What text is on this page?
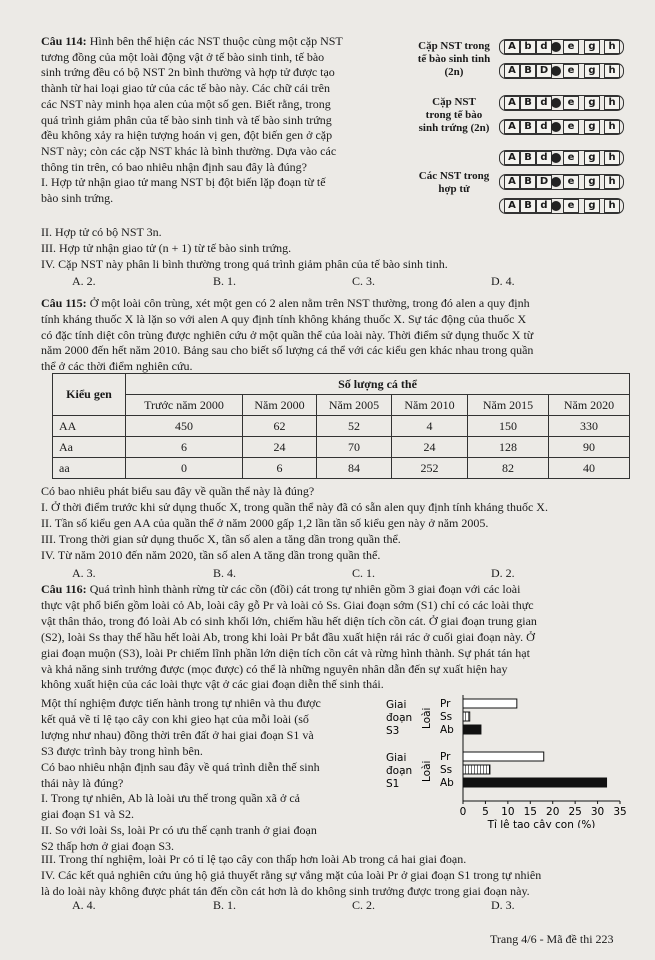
Cặp NST trong
tế bào sinh tinh
(2n)
Cặp NST
trong tế bào
sinh trứng (2n)
Các NST trong
hợp tử
A b d	e	g	h
A B D	e	g	h
A B d	e	g	h
A B d	e	g	h
A B d	e	g	h
A B D	e	g	h
A B d	e	g	h
II. Hợp tử có bộ NST 3n.
III. Hợp tử nhận giao tử (n + 1) từ tế bào sinh trứng.
IV. Cặp NST này phân li bình thường trong quá trình giảm phân của tế bào sinh tinh.
A. 2.	B. 1.	C. 3.	D. 4.
Kiểu gen	Số lượng cá thể					
	Trước năm 2000	Năm 2000	Năm 2005	Năm 2010	Năm 2015	Năm 2020
AA	450	62	52	4	150	330
Aa	6	24	70	24	128	90
aa	0	6	84	252	82	40
Có bao nhiêu phát biểu sau đây về quần thể này là đúng?
I. Ở thời điểm trước khi sử dụng thuốc X, trong quần thể này đã có sẵn alen quy định tính kháng thuốc X.
II. Tần số kiểu gen AA của quần thể ở năm 2000 gấp 1,2 lần tần số kiểu gen này ở năm 2005.
III. Trong thời gian sử dụng thuốc X, tần số alen a tăng dần trong quần thể.
IV. Từ năm 2010 đến năm 2020, tần số alen A tăng dần trong quần thể.
A. 3.	B. 4.	C. 1.	D. 2.
Một thí nghiệm được tiến hành trong tự nhiên và thu được
kết quả về tỉ lệ tạo cây con khi gieo hạt của mỗi loài (số
lượng như nhau) đồng thời trên đất ở hai giai đoạn S1 và
S3 được trình bày trong hình bên.
Có bao nhiêu nhận định sau đây về quá trình diễn thế sinh
thái này là đúng?
I. Trong tự nhiên, Ab là loài ưu thế trong quần xã ở cả
giai đoạn S1 và S2.
II. So với loài Ss, loài Pr có ưu thế cạnh tranh ở giai đoạn
S2 thấp hơn ở giai đoạn S3.
Giai
đoạn
S3
Loài
Pr
Ss
Ab
Giai
đoạn
S1
Loài
Pr
Ss
Ab
0 5 10 15 20 25 30 35
Tỉ lệ tạo cây con (%)
III. Trong thí nghiệm, loài Pr có tỉ lệ tạo cây con thấp hơn loài Ab trong cả hai giai đoạn.
IV. Các kết quả nghiên cứu ủng hộ giả thuyết rằng sự vắng mặt của loài Pr ở giai đoạn S1 trong tự nhiên
là do loài này không được phát tán đến cồn cát hơn là do không sinh trưởng được trong giai đoạn này.
A. 4.	B. 1.	C. 2.	D. 3.
Trang 4/6 - Mã đề thi 223
Câu 114: Hình bên thể hiện các NST thuộc cùng một cặp NST
tương đồng của một loài động vật ở tế bào sinh tinh, tế bào
sinh trứng đều có bộ NST 2n bình thường và hợp tử được tạo
thành từ hai loại giao tử của các tế bào này. Các chữ cái trên
các NST này minh họa alen của một số gen. Biết rằng, trong
quá trình giảm phân của tế bào sinh tinh và tế bào sinh trứng
đều không xảy ra hiện tượng hoán vị gen, đột biến gen ở cặp
NST này; còn các cặp NST khác là bình thường. Dựa vào các
thông tin trên, có bao nhiêu nhận định sau đây là đúng?
I. Hợp tử nhận giao tử mang NST bị đột biến lặp đoạn từ tế
bào sinh trứng.
Câu 115: Ở một loài côn trùng, xét một gen có 2 alen nằm trên NST thường, trong đó alen a quy định
tính kháng thuốc X là lặn so với alen A quy định tính không kháng thuốc X. Sự tác động của thuốc X
có đặc tính diệt côn trùng được nghiên cứu ở một quần thể của loài này. Thời điểm sử dụng thuốc X từ
năm 2000 đến hết năm 2010. Bảng sau cho biết số lượng cá thể với các kiểu gen khác nhau trong quần
thể ở các thời điểm nghiên cứu.
Câu 116: Quá trình hình thành rừng từ các cồn (đồi) cát trong tự nhiên gồm 3 giai đoạn với các loài
thực vật phổ biến gồm loài cỏ Ab, loài cây gỗ Pr và loài cỏ Ss. Giai đoạn sớm (S1) chỉ có các loài thực
vật thân thảo, trong đó loài Ab có sinh khối lớn, chiếm hầu hết diện tích cồn cát. Ở giai đoạn trung gian
(S2), loài Ss thay thế hầu hết loài Ab, trong khi loài Pr bắt đầu xuất hiện rải rác ở cuối giai đoạn này. Ở
giai đoạn muộn (S3), loài Pr chiếm lĩnh phần lớn diện tích cồn cát và rừng hình thành. Sự phát tán hạt
và khả năng sinh trưởng được (mọc được) có thể là những nguyên nhân dẫn đến sự xuất hiện hay
không xuất hiện của các loài thực vật ở các giai đoạn diễn thế sinh thái.
